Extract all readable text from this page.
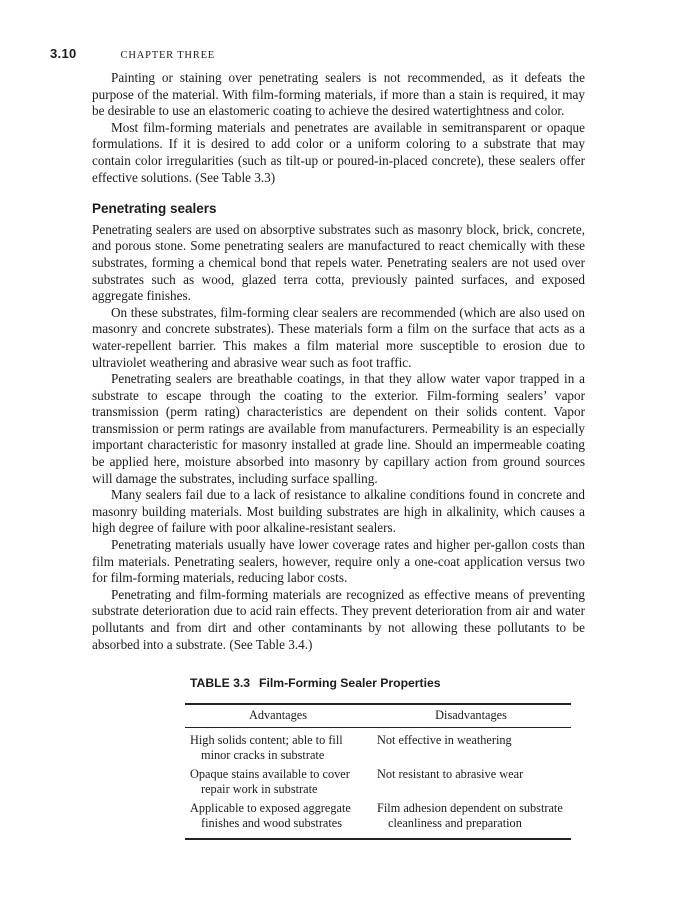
3.10	CHAPTER THREE

Painting or staining over penetrating sealers is not recommended, as it defeats the purpose of the material. With film-forming materials, if more than a stain is required, it may be desirable to use an elastomeric coating to achieve the desired watertightness and color.

Most film-forming materials and penetrates are available in semitransparent or opaque formulations. If it is desired to add color or a uniform coloring to a substrate that may contain color irregularities (such as tilt-up or poured-in-placed concrete), these sealers offer effective solutions. (See Table 3.3)

Penetrating sealers

Penetrating sealers are used on absorptive substrates such as masonry block, brick, concrete, and porous stone. Some penetrating sealers are manufactured to react chemically with these substrates, forming a chemical bond that repels water. Penetrating sealers are not used over substrates such as wood, glazed terra cotta, previously painted surfaces, and exposed aggregate finishes.

On these substrates, film-forming clear sealers are recommended (which are also used on masonry and concrete substrates). These materials form a film on the surface that acts as a water-repellent barrier. This makes a film material more susceptible to erosion due to ultraviolet weathering and abrasive wear such as foot traffic.

Penetrating sealers are breathable coatings, in that they allow water vapor trapped in a substrate to escape through the coating to the exterior. Film-forming sealers’ vapor transmission (perm rating) characteristics are dependent on their solids content. Vapor transmission or perm ratings are available from manufacturers. Permeability is an especially important characteristic for masonry installed at grade line. Should an impermeable coating be applied here, moisture absorbed into masonry by capillary action from ground sources will damage the substrates, including surface spalling.

Many sealers fail due to a lack of resistance to alkaline conditions found in concrete and masonry building materials. Most building substrates are high in alkalinity, which causes a high degree of failure with poor alkaline-resistant sealers.

Penetrating materials usually have lower coverage rates and higher per-gallon costs than film materials. Penetrating sealers, however, require only a one-coat application versus two for film-forming materials, reducing labor costs.

Penetrating and film-forming materials are recognized as effective means of preventing substrate deterioration due to acid rain effects. They prevent deterioration from air and water pollutants and from dirt and other contaminants by not allowing these pollutants to be absorbed into a substrate. (See Table 3.4.)

TABLE 3.3 Film-Forming Sealer Properties
Advantages	Disadvantages
High solids content; able to fill minor cracks in substrate
Not effective in weathering
Opaque stains available to cover repair work in substrate
Not resistant to abrasive wear
Applicable to exposed aggregate finishes and wood substrates
Film adhesion dependent on substrate cleanliness and preparation
